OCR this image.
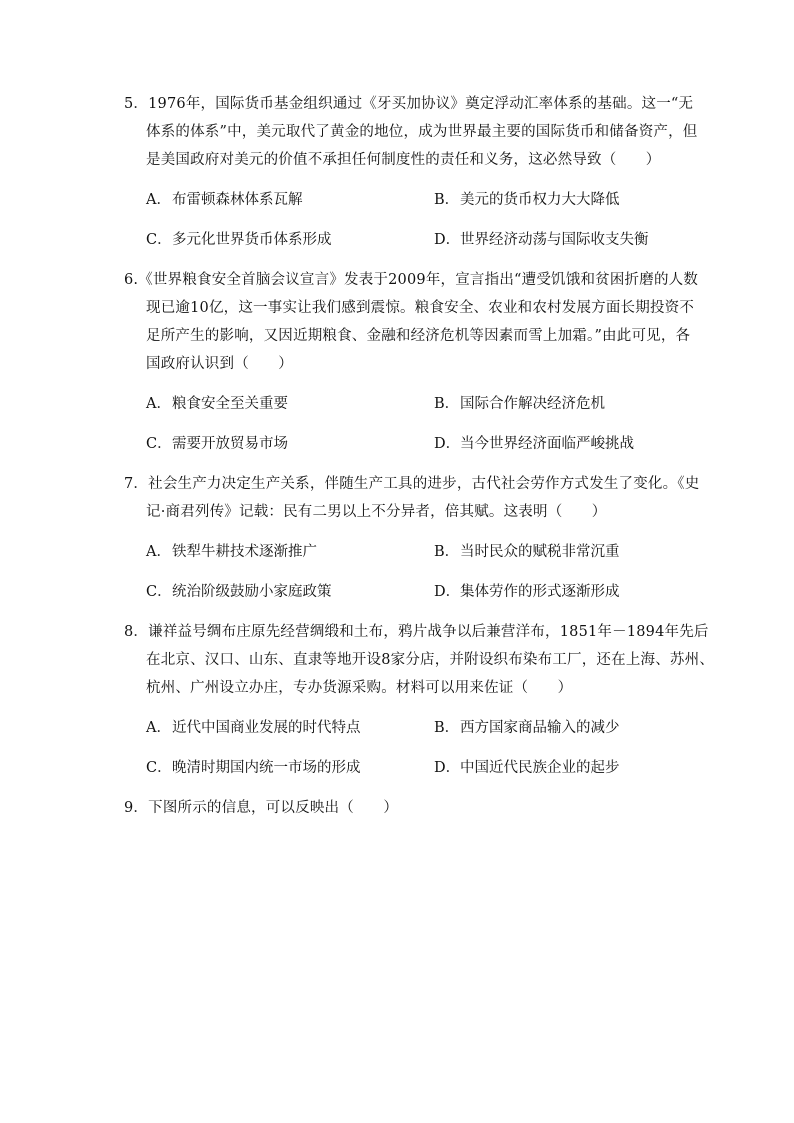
5．1976年，国际货币基金组织通过《牙买加协议》奠定浮动汇率体系的基础。这一“无
体系的体系”中，美元取代了黄金的地位，成为世界最主要的国际货币和储备资产，但
是美国政府对美元的价值不承担任何制度性的责任和义务，这必然导致（　　）
A．布雷顿森林体系瓦解	B．美元的货币权力大大降低
C．多元化世界货币体系形成	D．世界经济动荡与国际收支失衡
6.《世界粮食安全首脑会议宣言》发表于2009年，宣言指出“遭受饥饿和贫困折磨的人数
现已逾10亿，这一事实让我们感到震惊。粮食安全、农业和农村发展方面长期投资不
足所产生的影响，又因近期粮食、金融和经济危机等因素而雪上加霜。”由此可见，各
国政府认识到（　　）
A．粮食安全至关重要	B．国际合作解决经济危机
C．需要开放贸易市场	D．当今世界经济面临严峻挑战
7．社会生产力决定生产关系，伴随生产工具的进步，古代社会劳作方式发生了变化。《史
记·商君列传》记载：民有二男以上不分异者，倍其赋。这表明（　　）
A．铁犁牛耕技术逐渐推广	B．当时民众的赋税非常沉重
C．统治阶级鼓励小家庭政策	D．集体劳作的形式逐渐形成
8．谦祥益号绸布庄原先经营绸缎和土布，鸦片战争以后兼营洋布，1851年－1894年先后
在北京、汉口、山东、直隶等地开设8家分店，并附设织布染布工厂，还在上海、苏州、
杭州、广州设立办庄，专办货源采购。材料可以用来佐证（　　）
A．近代中国商业发展的时代特点	B．西方国家商品输入的减少
C．晚清时期国内统一市场的形成	D．中国近代民族企业的起步
9．下图所示的信息，可以反映出（　　）
